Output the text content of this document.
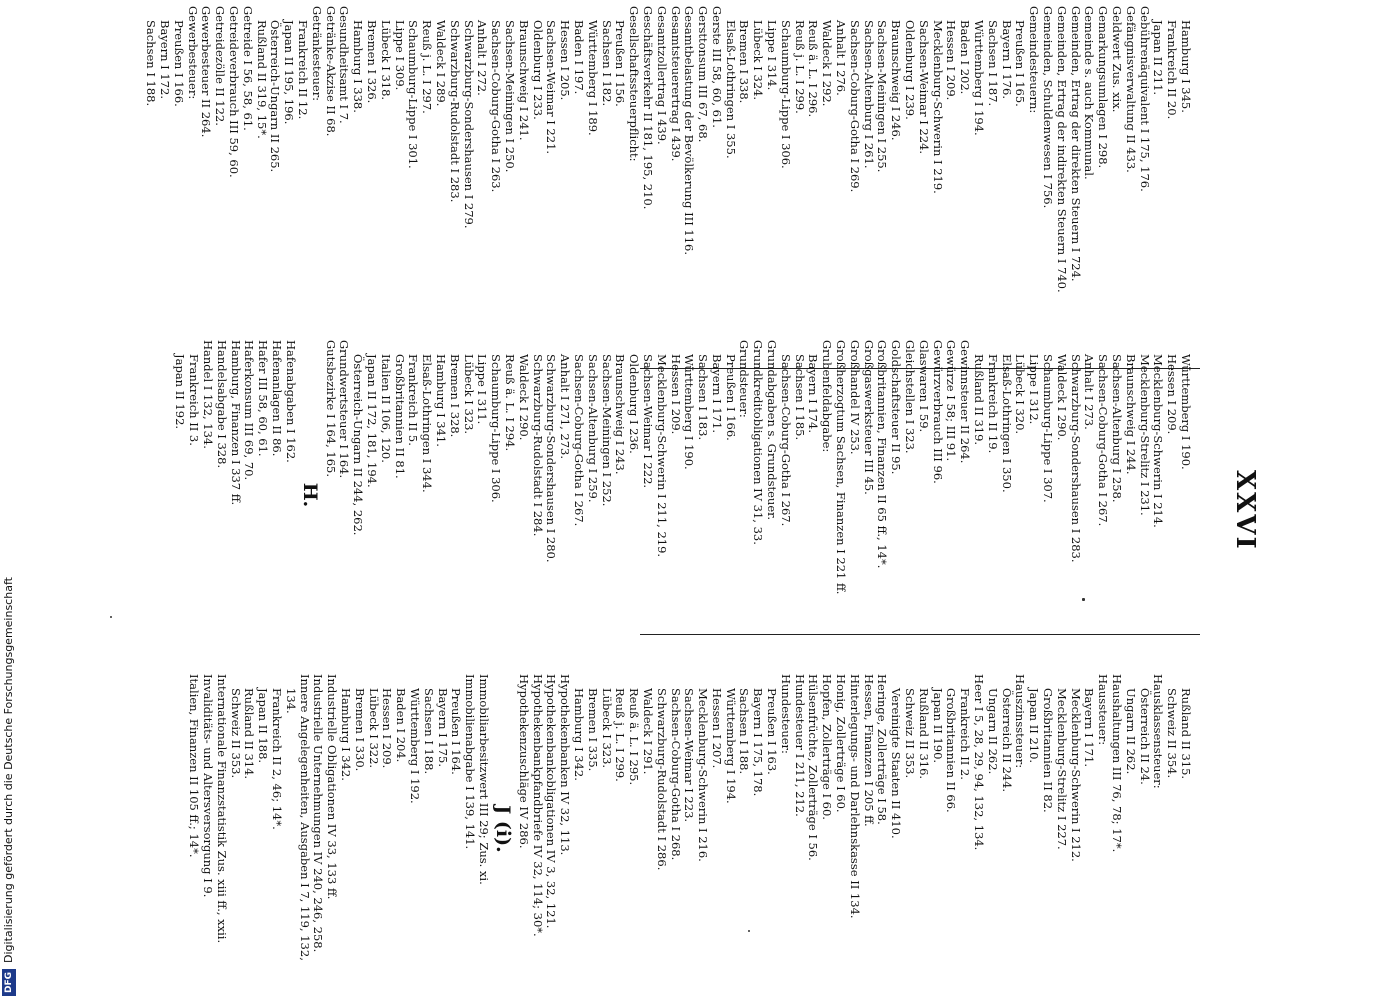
DFGDigitalisierung gefördert durch die Deutsche Forschungsgemeinschaft
XXVI
Hamburg I 345.
Frankreich II 20.
Japan II 211.
Gebührenäquivalent I 175, 176.
Gefängnisverwaltung II 433.
Geldwert Zus. xix.
Gemarkungsumlagen I 298.
Gemeinde s. auch Kommunal.
Gemeinden, Ertrag der direkten Steuern I 724.
Gemeinden, Ertrag der indirekten Steuern I 740.
Gemeinden, Schuldenwesen I 756.
Gemeindesteuern:
Preußen I 165.
Bayern I 176.
Sachsen I 187.
Württemberg I 194.
Baden I 202.
Hessen I 209.
Mecklenburg-Schwerin I 219.
Sachsen-Weimar I 224.
Oldenburg I 239.
Braunschweig I 246.
Sachsen-Meiningen I 255.
Sachsen-Altenburg I 261.
Sachsen-Coburg-Gotha I 269.
Anhalt I 276.
Waldeck I 292.
Reuß ä. L. I 296.
Reuß j. L. I 299.
Schaumburg-Lippe I 306.
Lippe I 314.
Lübeck I 324.
Bremen I 338.
Elsaß-Lothringen I 355.
Gerste III 58, 60, 61.
Gersttonsum III 67, 68.
Gesamtbelastung der Bevölkerung III 116.
Gesamtsteuerertrag I 439.
Gesamtzollertrag I 439.
Geschäftsverkehr II 181, 195, 210.
Gesellschaftssteuerpflicht:
Preußen I 156.
Sachsen I 182.
Württemberg I 189.
Baden I 197.
Hessen I 205.
Sachsen-Weimar I 221.
Oldenburg I 233.
Braunschweig I 241.
Sachsen-Meiningen I 250.
Sachsen-Coburg-Gotha I 263.
Anhalt I 272.
Schwarzburg-Sondershausen I 279.
Schwarzburg-Rudolstadt I 283.
Waldeck I 289.
Reuß j. L. I 297.
Schaumburg-Lippe I 301.
Lippe I 309.
Lübeck I 318.
Bremen I 326.
Hamburg I 338.
Gesundheitsamt I 7.
Getränke-Akzise II 68.
Getränkesteuer:
Frankreich II 12.
Japan II 195, 196.
Österreich-Ungarn II 265.
Rußland II 319, 15*.
Getreide I 56, 58, 61.
Getreideverbrauch III 59, 60.
Getreidezölle II 122.
Gewerbesteuer II 264.
Gewerbesteuer:
Preußen I 166.
Bayern I 172.
Sachsen I 188.
Württemberg I 190.
Hessen I 209.
Mecklenburg-Schwerin I 214.
Mecklenburg-Strelitz I 231.
Braunschweig I 244.
Sachsen-Altenburg I 258.
Sachsen-Coburg-Gotha I 267.
Anhalt I 273.
Schwarzburg-Sondershausen I 283.
Waldeck I 290.
Schaumburg-Lippe I 307.
Lippe I 312.
Lübeck I 320.
Elsaß-Lothringen I 350.
Frankreich II 19.
Rußland II 319.
Gewinnsteuer II 264.
Gewürze I 58; III 91.
Gewürzverbrauch III 96.
Glaswaren I 59.
Gleichstellen I 323.
Goldschaftsteuer II 95.
Großbritannien, Finanzen II 65 ff., 14*.
Großgaswerksteuer III 45.
Großhandel IV 253.
Großherzogtum Sachsen, Finanzen I 221 ff.
Grubenfeldabgabe:
Bayern I 174.
Sachsen I 185.
Sachsen-Coburg-Gotha I 267.
Grundabgaben s. Grundsteuer.
Grundkreditobligationen IV 31, 33.
Grundsteuer:
Preußen I 166.
Bayern I 171.
Sachsen I 183.
Württemberg I 190.
Hessen I 209.
Mecklenburg-Schwerin I 211, 219.
Sachsen-Weimar I 222.
Oldenburg I 236.
Braunschweig I 243.
Sachsen-Meiningen I 252.
Sachsen-Altenburg I 259.
Sachsen-Coburg-Gotha I 267.
Anhalt I 271, 273.
Schwarzburg-Sondershausen I 280.
Schwarzburg-Rudolstadt I 284.
Waldeck I 290.
Reuß ä. L. I 294.
Schaumburg-Lippe I 306.
Lippe I 311.
Lübeck I 323.
Bremen I 328.
Hamburg I 341.
Elsaß-Lothringen I 344.
Frankreich II 5.
Großbritannien II 81.
Italien II 106, 120.
Japan II 172, 181, 194.
Österreich-Ungarn II 244, 262.
Grundwertsteuer I 164.
Gutsbezirke I 164, 165.
H.
Hafenabgaben I 162.
Hafenanlagen II 86.
Hafer III 58, 60, 61.
Haferkonsum III 69, 70.
Hamburg, Finanzen I 337 ff.
Handelsabgabe I 328.
Handel I 132, 134.
Frankreich II 3.
Japan II 192.
Rußland II 315.
Schweiz II 354.
Hausklassensteuer:
Österreich II 24.
Ungarn II 262.
Haushaltungen III 76, 78; 17*.
Haussteuer:
Bayern I 171.
Mecklenburg-Schwerin I 212.
Mecklenburg-Strelitz I 227.
Großbritannien II 82.
Japan II 210.
Hauszinssteuer:
Österreich II 244.
Ungarn II 262.
Heer I 5, 28, 29, 94, 132, 134.
Frankreich II 2.
Großbritannien II 66.
Japan II 190.
Rußland II 316.
Schweiz II 353.
Vereinigte Staaten II 410.
Heringe, Zollerträge I 58.
Hessen, Finanzen I 205 ff.
Hinterlegungs- und Darlehnskasse II 134.
Honig, Zollerträge I 60.
Hopfen, Zollerträge I 60.
Hülsenfrüchte, Zollerträge I 56.
Hundesteuer I 211, 212.
Hundesteuer:
Preußen I 163.
Bayern I 175, 178.
Sachsen I 188.
Württemberg I 194.
Hessen I 207.
Mecklenburg-Schwerin I 216.
Sachsen-Weimar I 223.
Sachsen-Coburg-Gotha I 268.
Schwarzburg-Rudolstadt I 286.
Waldeck I 291.
Reuß ä. L. I 295.
Reuß j. L. I 299.
Lübeck I 323.
Bremen I 335.
Hamburg I 342.
Hypothekenbanken IV 32, 113.
Hypothekenbankobligationen IV 3, 32, 121.
Hypothekenbankpfandbriefe IV 32, 114; 30*.
Hypothekenzuschläge IV 286.
J (i).
Immobiliarbesitzwert III 29; Zus. xi.
Immobilienabgabe I 139, 141.
Preußen I 164.
Bayern I 175.
Sachsen I 188.
Württemberg I 192.
Baden I 204.
Hessen I 209.
Lübeck I 322.
Bremen I 330.
Hamburg I 342.
Industrielle Obligationen IV 33, 133 ff.
Industrielle Unternehmungen IV 240, 246, 258.
Innere Angelegenheiten, Ausgaben I 7, 119, 132, 134.
Frankreich II 2, 46; 14*.
Japan II 188.
Rußland II 314.
Schweiz II 353.
Internationale Finanzstatistik Zus. xiii ff., xxii.
Invaliditäts- und Altersversorgung I 9.
Italien, Finanzen II 105 ff.; 14*.
